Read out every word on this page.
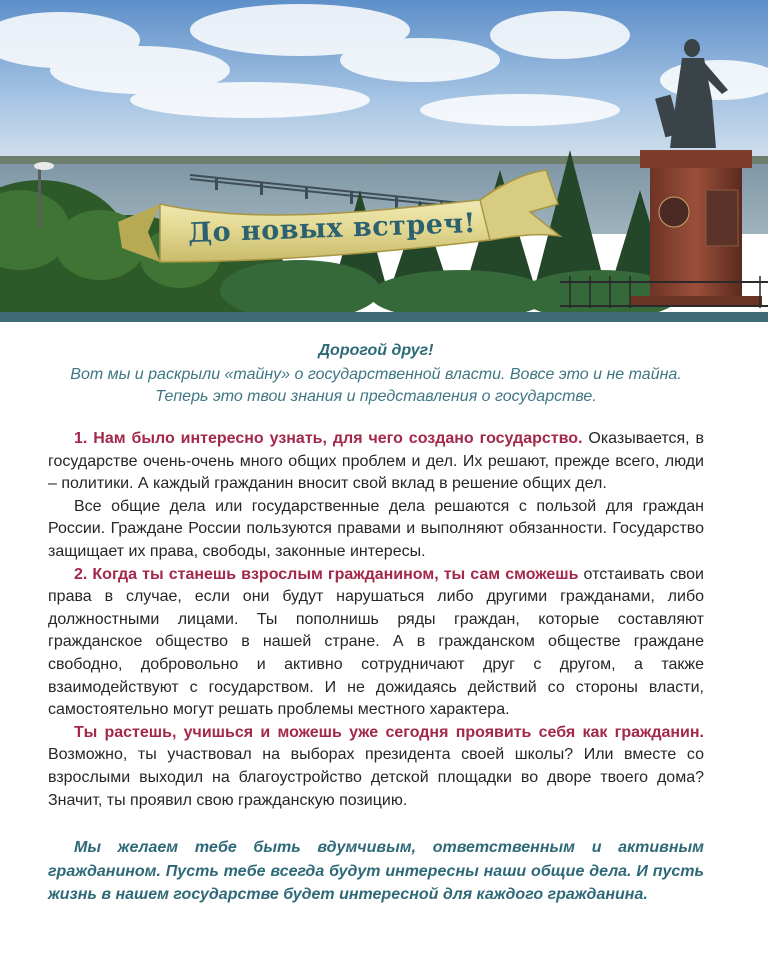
До новых встреч!

Дорогой друг!

Вот мы и раскрыли «тайну» о государственной власти. Вовсе это и не тайна. Теперь это твои знания и представления о государстве.

1. Нам было интересно узнать, для чего создано государство. Оказывается, в государстве очень-очень много общих проблем и дел. Их решают, прежде всего, люди – политики. А каждый гражданин вносит свой вклад в решение общих дел.

Все общие дела или государственные дела решаются с пользой для граждан России. Граждане России пользуются правами и выполняют обязанности. Государство защищает их права, свободы, законные интересы.

2. Когда ты станешь взрослым гражданином, ты сам сможешь отстаивать свои права в случае, если они будут нарушаться либо другими гражданами, либо должностными лицами. Ты пополнишь ряды граждан, которые составляют гражданское общество в нашей стране. А в гражданском обществе граждане свободно, добровольно и активно сотрудничают друг с другом, а также взаимодействуют с государством. И не дожидаясь действий со стороны власти, самостоятельно могут решать проблемы местного характера.

Ты растешь, учишься и можешь уже сегодня проявить себя как гражданин. Возможно, ты участвовал на выборах президента своей школы? Или вместе со взрослыми выходил на благоустройство детской площадки во дворе твоего дома? Значит, ты проявил свою гражданскую позицию.

Мы желаем тебе быть вдумчивым, ответственным и активным гражданином. Пусть тебе всегда будут интересны наши общие дела. И пусть жизнь в нашем государстве будет интересной для каждого гражданина.
